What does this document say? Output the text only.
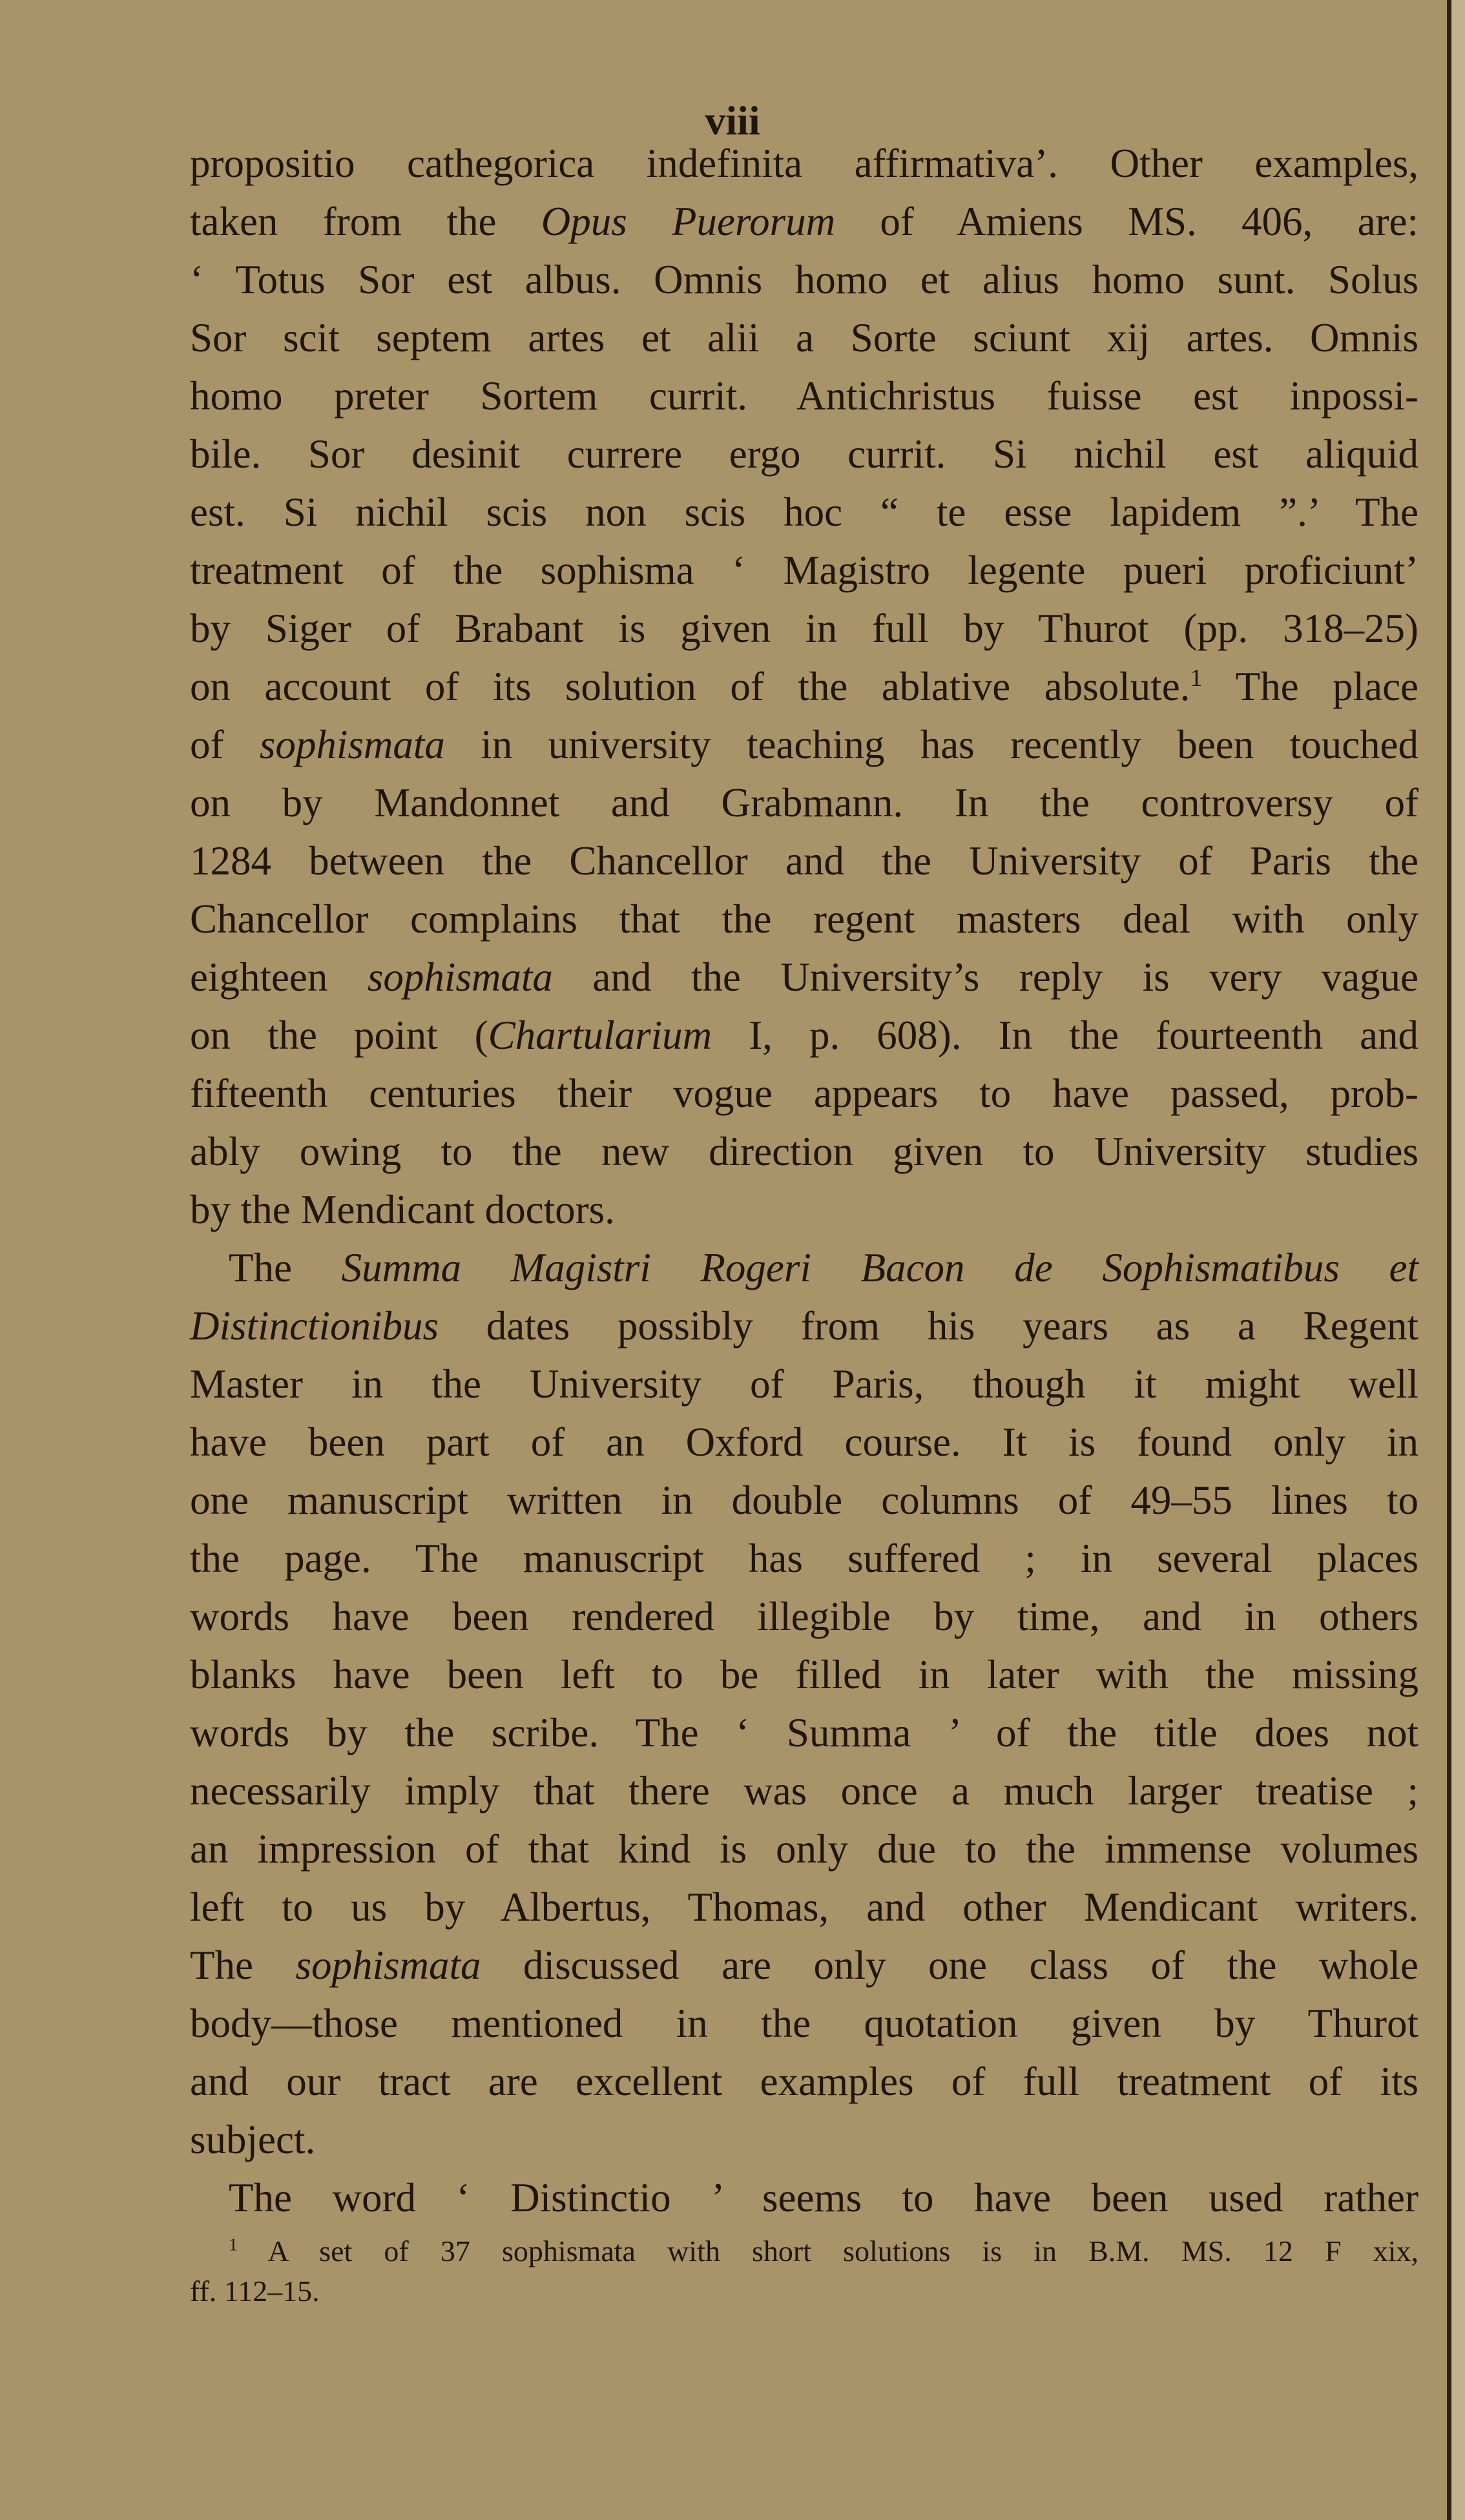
viii
propositio cathegorica indefinita affirmativa’. Other examples,
taken from the Opus Puerorum of Amiens MS. 406, are:
‘ Totus Sor est albus. Omnis homo et alius homo sunt. Solus
Sor scit septem artes et alii a Sorte sciunt xij artes. Omnis
homo preter Sortem currit. Antichristus fuisse est inpossi-
bile. Sor desinit currere ergo currit. Si nichil est aliquid
est. Si nichil scis non scis hoc “ te esse lapidem ”.’ The
treatment of the sophisma ‘ Magistro legente pueri proficiunt’
by Siger of Brabant is given in full by Thurot (pp. 318–25)
on account of its solution of the ablative absolute.$^1$ The place
of sophismata in university teaching has recently been touched
on by Mandonnet and Grabmann. In the controversy of
1284 between the Chancellor and the University of Paris the
Chancellor complains that the regent masters deal with only
eighteen sophismata and the University’s reply is very vague
on the point (Chartularium I, p. 608). In the fourteenth and
fifteenth centuries their vogue appears to have passed, prob-
ably owing to the new direction given to University studies
by the Mendicant doctors.
The Summa Magistri Rogeri Bacon de Sophismatibus et
Distinctionibus dates possibly from his years as a Regent
Master in the University of Paris, though it might well
have been part of an Oxford course. It is found only in
one manuscript written in double columns of 49–55 lines to
the page. The manuscript has suffered ; in several places
words have been rendered illegible by time, and in others
blanks have been left to be filled in later with the missing
words by the scribe. The ‘ Summa ’ of the title does not
necessarily imply that there was once a much larger treatise ;
an impression of that kind is only due to the immense volumes
left to us by Albertus, Thomas, and other Mendicant writers.
The sophismata discussed are only one class of the whole
body—those mentioned in the quotation given by Thurot
and our tract are excellent examples of full treatment of its
subject.
The word ‘ Distinctio ’ seems to have been used rather
$^1$ A set of 37 sophismata with short solutions is in B.M. MS. 12 F xix,
ff. 112–15.
